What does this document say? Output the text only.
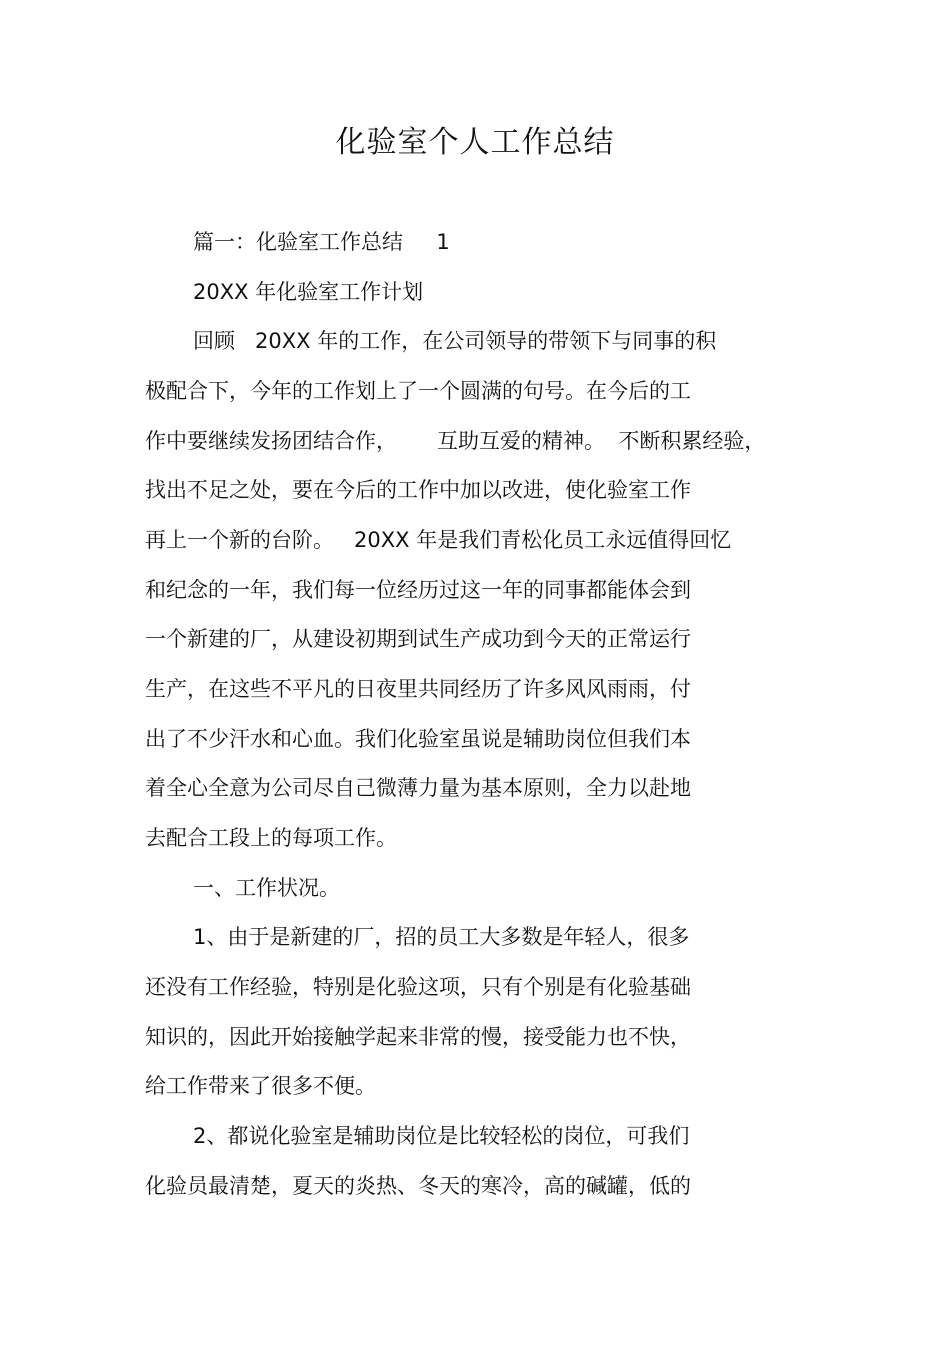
化验室个人工作总结
篇一：化验室工作总结     1
20XX 年化验室工作计划
回顾   20XX 年的工作，在公司领导的带领下与同事的积
极配合下，今年的工作划上了一个圆满的句号。在今后的工
作中要继续发扬团结合作，      互助互爱的精神。  不断积累经验，
找出不足之处，要在今后的工作中加以改进，使化验室工作
再上一个新的台阶。   20XX 年是我们青松化员工永远值得回忆
和纪念的一年，我们每一位经历过这一年的同事都能体会到
一个新建的厂，从建设初期到试生产成功到今天的正常运行
生产，在这些不平凡的日夜里共同经历了许多风风雨雨，付
出了不少汗水和心血。我们化验室虽说是辅助岗位但我们本
着全心全意为公司尽自己微薄力量为基本原则，全力以赴地
去配合工段上的每项工作。
一、工作状况。
1、由于是新建的厂，招的员工大多数是年轻人，很多
还没有工作经验，特别是化验这项，只有个别是有化验基础
知识的，因此开始接触学起来非常的慢，接受能力也不快，
给工作带来了很多不便。
2、都说化验室是辅助岗位是比较轻松的岗位，可我们
化验员最清楚，夏天的炎热、冬天的寒冷，高的碱罐，低的
